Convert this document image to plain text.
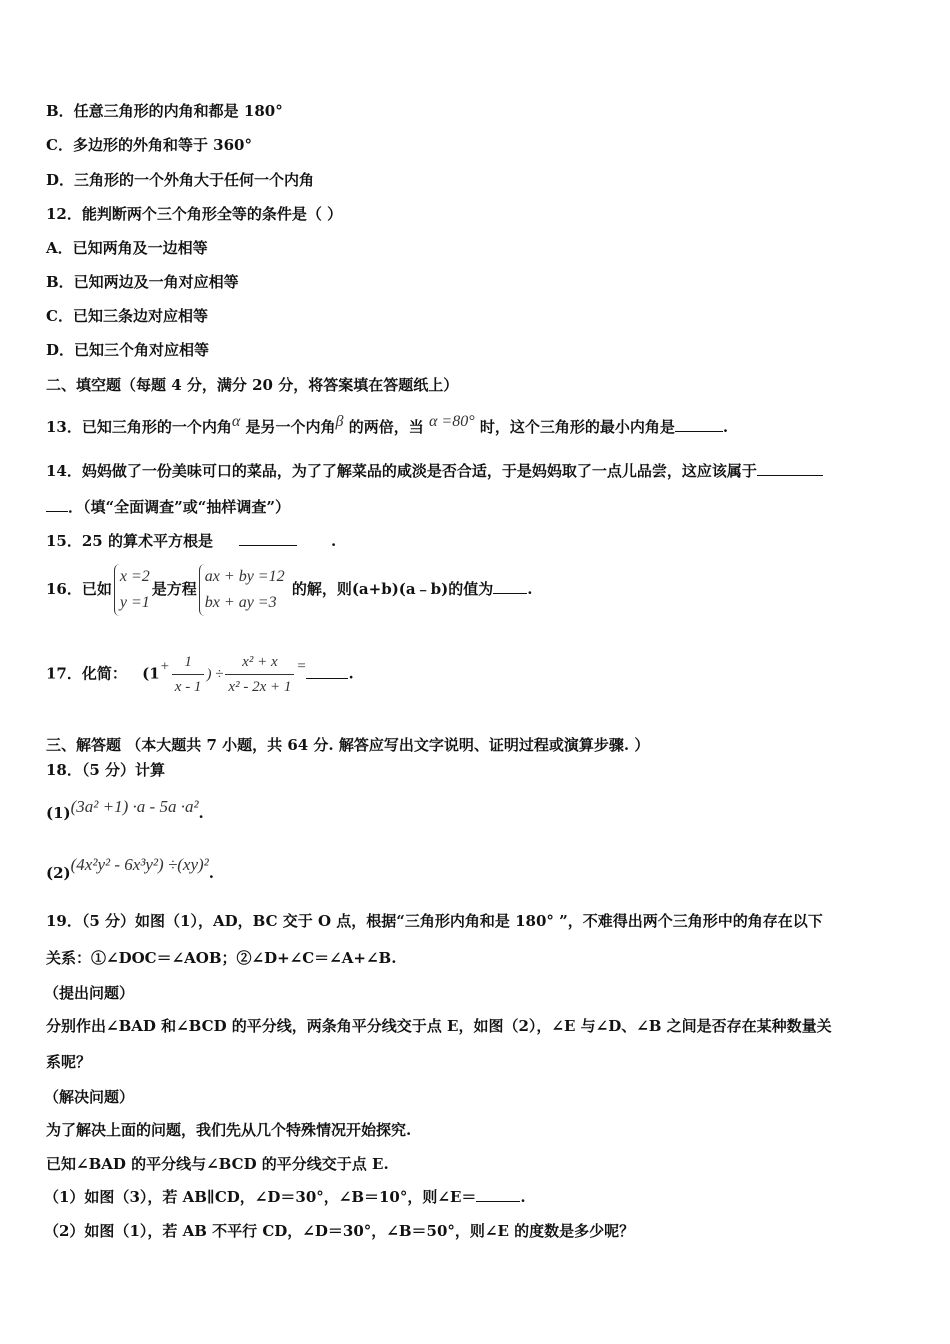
B．任意三角形的内角和都是 180°
C．多边形的外角和等于 360°
D．三角形的一个外角大于任何一个内角
12．能判断两个三个角形全等的条件是（ ）
A．已知两角及一边相等
B．已知两边及一角对应相等
C．已知三条边对应相等
D．已知三个角对应相等
二、填空题（每题 4 分，满分 20 分，将答案填在答题纸上）
13．已知三角形的一个内角α 是另一个内角β 的两倍，当 α =80° 时，这个三角形的最小内角是	.
14．妈妈做了一份美味可口的菜品，为了了解菜品的咸淡是否合适，于是妈妈取了一点儿品尝，这应该属于
．（填“全面调查”或“抽样调查”）
15．25 的算术平方根是	.
16．已如
x =2
y =1
是方程
ax + by =12
bx + ay =3
的解，则(a+b)(a﹣b)的值为 .
17．化简： ($1+ \frac{1}{x - 1}$ ) ÷ $\frac{\text{x² + x}}{\text{x² - 2x + 1}}$ =	.
三、解答题 （本大题共 7 小题，共 64 分. 解答应写出文字说明、证明过程或演算步骤. ）
18．（5 分）计算
(1)(3a² +1) ·a - 5a ·a².
(2)(4x²y² - 6x³y²) ÷(xy)².
19．（5 分）如图（1），AD，BC 交于 O 点，根据“三角形内角和是 180° ”，不难得出两个三角形中的角存在以下
关系：①∠DOC＝∠AOB；②∠D+∠C＝∠A+∠B.
（提出问题）
分别作出∠BAD 和∠BCD 的平分线，两条角平分线交于点 E，如图（2），∠E 与∠D、∠B 之间是否存在某种数量关
系呢？
（解决问题）
为了解决上面的问题，我们先从几个特殊情况开始探究.
已知∠BAD 的平分线与∠BCD 的平分线交于点 E.
（1）如图（3），若 AB∥CD，∠D＝30°，∠B＝10°，则∠E＝	.
（2）如图（1），若 AB 不平行 CD，∠D＝30°，∠B＝50°，则∠E 的度数是多少呢？
